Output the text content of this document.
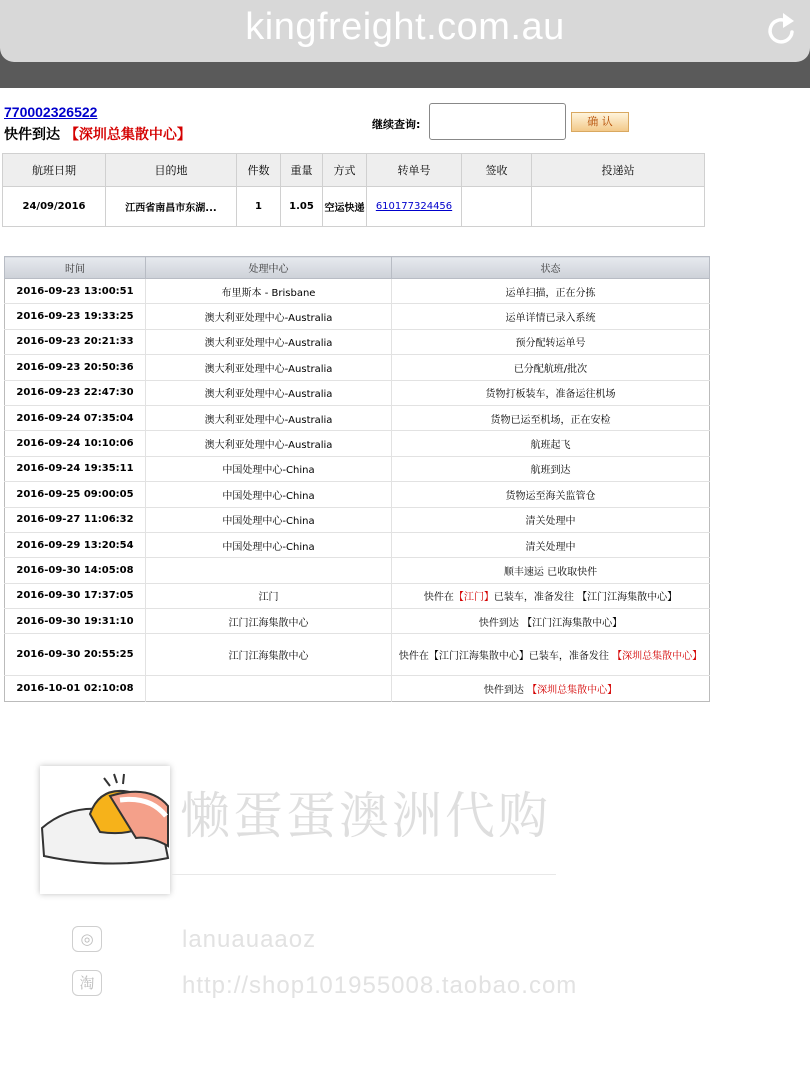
kingfreight.com.au
770002326522
快件到达 【深圳总集散中心】
继续查询:	确 认
航班日期	目的地	件数	重量	方式	转单号	签收	投递站
24/09/2016	江西省南昌市东湖...	1	1.05	空运快递	610177324456		
时间	处理中心	状态
2016-09-23 13:00:51	布里斯本 - Brisbane	运单扫描，正在分拣
2016-09-23 19:33:25	澳大利亚处理中心-Australia	运单详情已录入系统
2016-09-23 20:21:33	澳大利亚处理中心-Australia	预分配转运单号
2016-09-23 20:50:36	澳大利亚处理中心-Australia	已分配航班/批次
2016-09-23 22:47:30	澳大利亚处理中心-Australia	货物打板装车，准备运往机场
2016-09-24 07:35:04	澳大利亚处理中心-Australia	货物已运至机场，正在安检
2016-09-24 10:10:06	澳大利亚处理中心-Australia	航班起飞
2016-09-24 19:35:11	中国处理中心-China	航班到达
2016-09-25 09:00:05	中国处理中心-China	货物运至海关监管仓
2016-09-27 11:06:32	中国处理中心-China	清关处理中
2016-09-29 13:20:54	中国处理中心-China	清关处理中
2016-09-30 14:05:08		顺丰速运 已收取快件
2016-09-30 17:37:05	江门	快件在【江门】已装车，准备发往 【江门江海集散中心】
2016-09-30 19:31:10	江门江海集散中心	快件到达 【江门江海集散中心】
2016-09-30 20:55:25	江门江海集散中心	快件在【江门江海集散中心】已装车，准备发往 【深圳总集散中心】
2016-10-01 02:10:08		快件到达 【深圳总集散中心】
懒蛋蛋澳洲代购
◎	lanuauaaoz
淘	http://shop101955008.taobao.com
